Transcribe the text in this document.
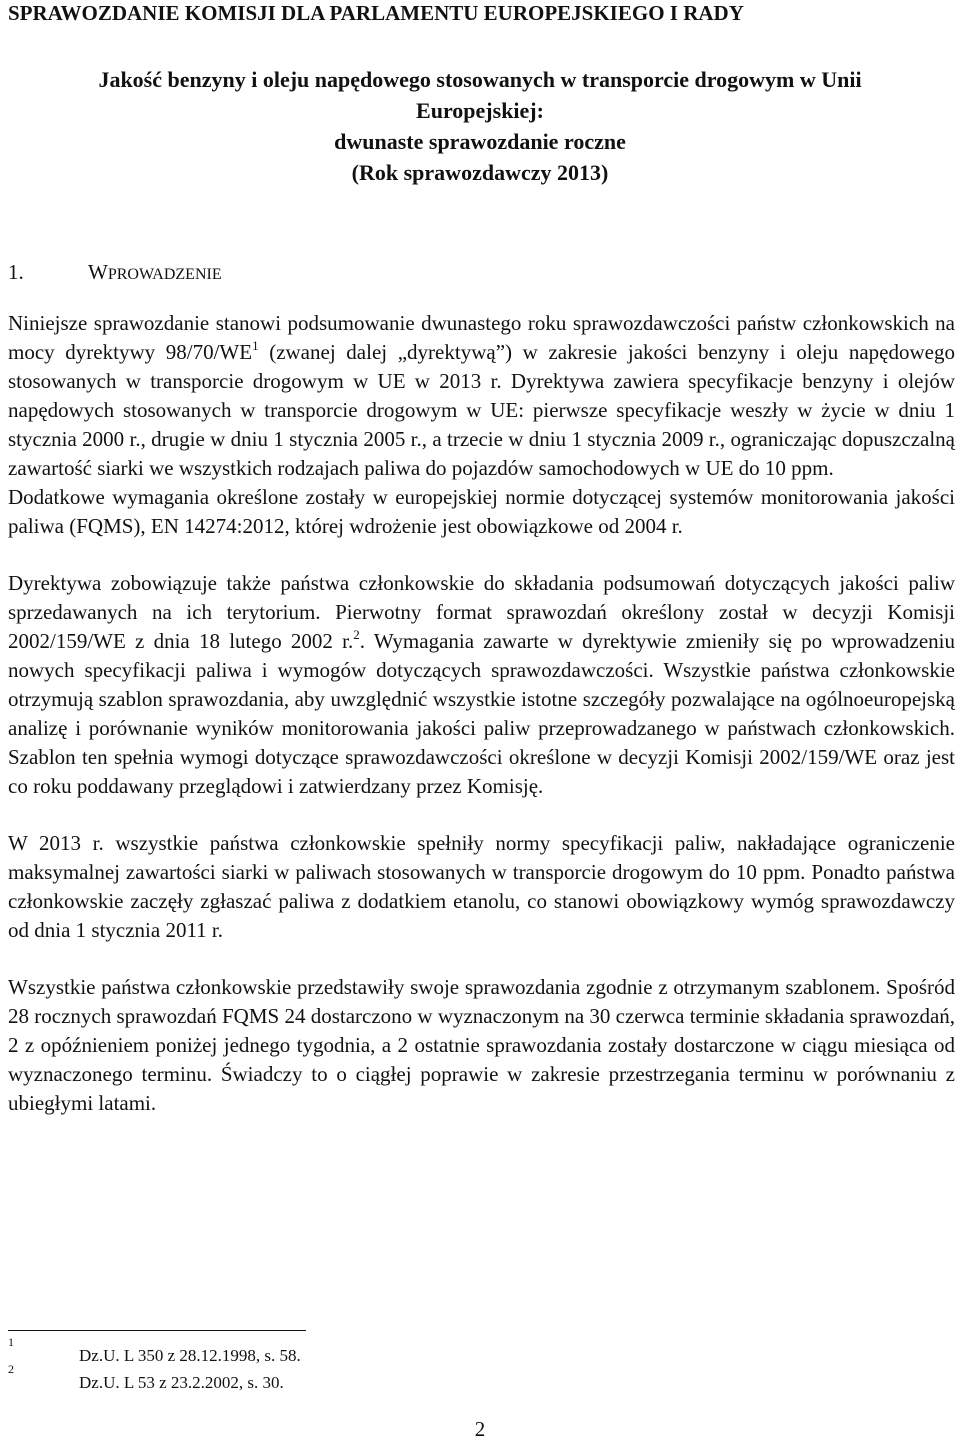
SPRAWOZDANIE KOMISJI DLA PARLAMENTU EUROPEJSKIEGO I RADY
Jakość benzyny i oleju napędowego stosowanych w transporcie drogowym w Unii
Europejskiej:
dwunaste sprawozdanie roczne
(Rok sprawozdawczy 2013)
1.	WPROWADZENIE

Niniejsze sprawozdanie stanowi podsumowanie dwunastego roku sprawozdawczości państw członkowskich na mocy dyrektywy $98/70/WE^1$ (zwanej dalej „dyrektywą”) w zakresie jakości benzyny i oleju napędowego stosowanych w transporcie drogowym w UE w 2013 r. Dyrektywa zawiera specyfikacje benzyny i olejów napędowych stosowanych w transporcie drogowym w UE: pierwsze specyfikacje weszły w życie w dniu 1 stycznia 2000 r., drugie w dniu 1 stycznia 2005 r., a trzecie w dniu 1 stycznia 2009 r., ograniczając dopuszczalną zawartość siarki we wszystkich rodzajach paliwa do pojazdów samochodowych w UE do 10 ppm.

Dodatkowe wymagania określone zostały w europejskiej normie dotyczącej systemów monitorowania jakości paliwa (FQMS), EN 14274:2012, której wdrożenie jest obowiązkowe od 2004 r.

Dyrektywa zobowiązuje także państwa członkowskie do składania podsumowań dotyczących jakości paliw sprzedawanych na ich terytorium. Pierwotny format sprawozdań określony został w decyzji Komisji 2002/159/WE z dnia 18 lutego 2002 r.$^2$. Wymagania zawarte w dyrektywie zmieniły się po wprowadzeniu nowych specyfikacji paliwa i wymogów dotyczących sprawozdawczości. Wszystkie państwa członkowskie otrzymują szablon sprawozdania, aby uwzględnić wszystkie istotne szczegóły pozwalające na ogólnoeuropejską analizę i porównanie wyników monitorowania jakości paliw przeprowadzanego w państwach członkowskich. Szablon ten spełnia wymogi dotyczące sprawozdawczości określone w decyzji Komisji 2002/159/WE oraz jest co roku poddawany przeglądowi i zatwierdzany przez Komisję.

W 2013 r. wszystkie państwa członkowskie spełniły normy specyfikacji paliw, nakładające ograniczenie maksymalnej zawartości siarki w paliwach stosowanych w transporcie drogowym do 10 ppm. Ponadto państwa członkowskie zaczęły zgłaszać paliwa z dodatkiem etanolu, co stanowi obowiązkowy wymóg sprawozdawczy od dnia 1 stycznia 2011 r.

Wszystkie państwa członkowskie przedstawiły swoje sprawozdania zgodnie z otrzymanym szablonem. Spośród 28 rocznych sprawozdań FQMS 24 dostarczono w wyznaczonym na 30 czerwca terminie składania sprawozdań, 2 z opóźnieniem poniżej jednego tygodnia, a 2 ostatnie sprawozdania zostały dostarczone w ciągu miesiąca od wyznaczonego terminu. Świadczy to o ciągłej poprawie w zakresie przestrzegania terminu w porównaniu z ubiegłymi latami.

1
Dz.U. L 350 z 28.12.1998, s. 58.
2
Dz.U. L 53 z 23.2.2002, s. 30.
2
